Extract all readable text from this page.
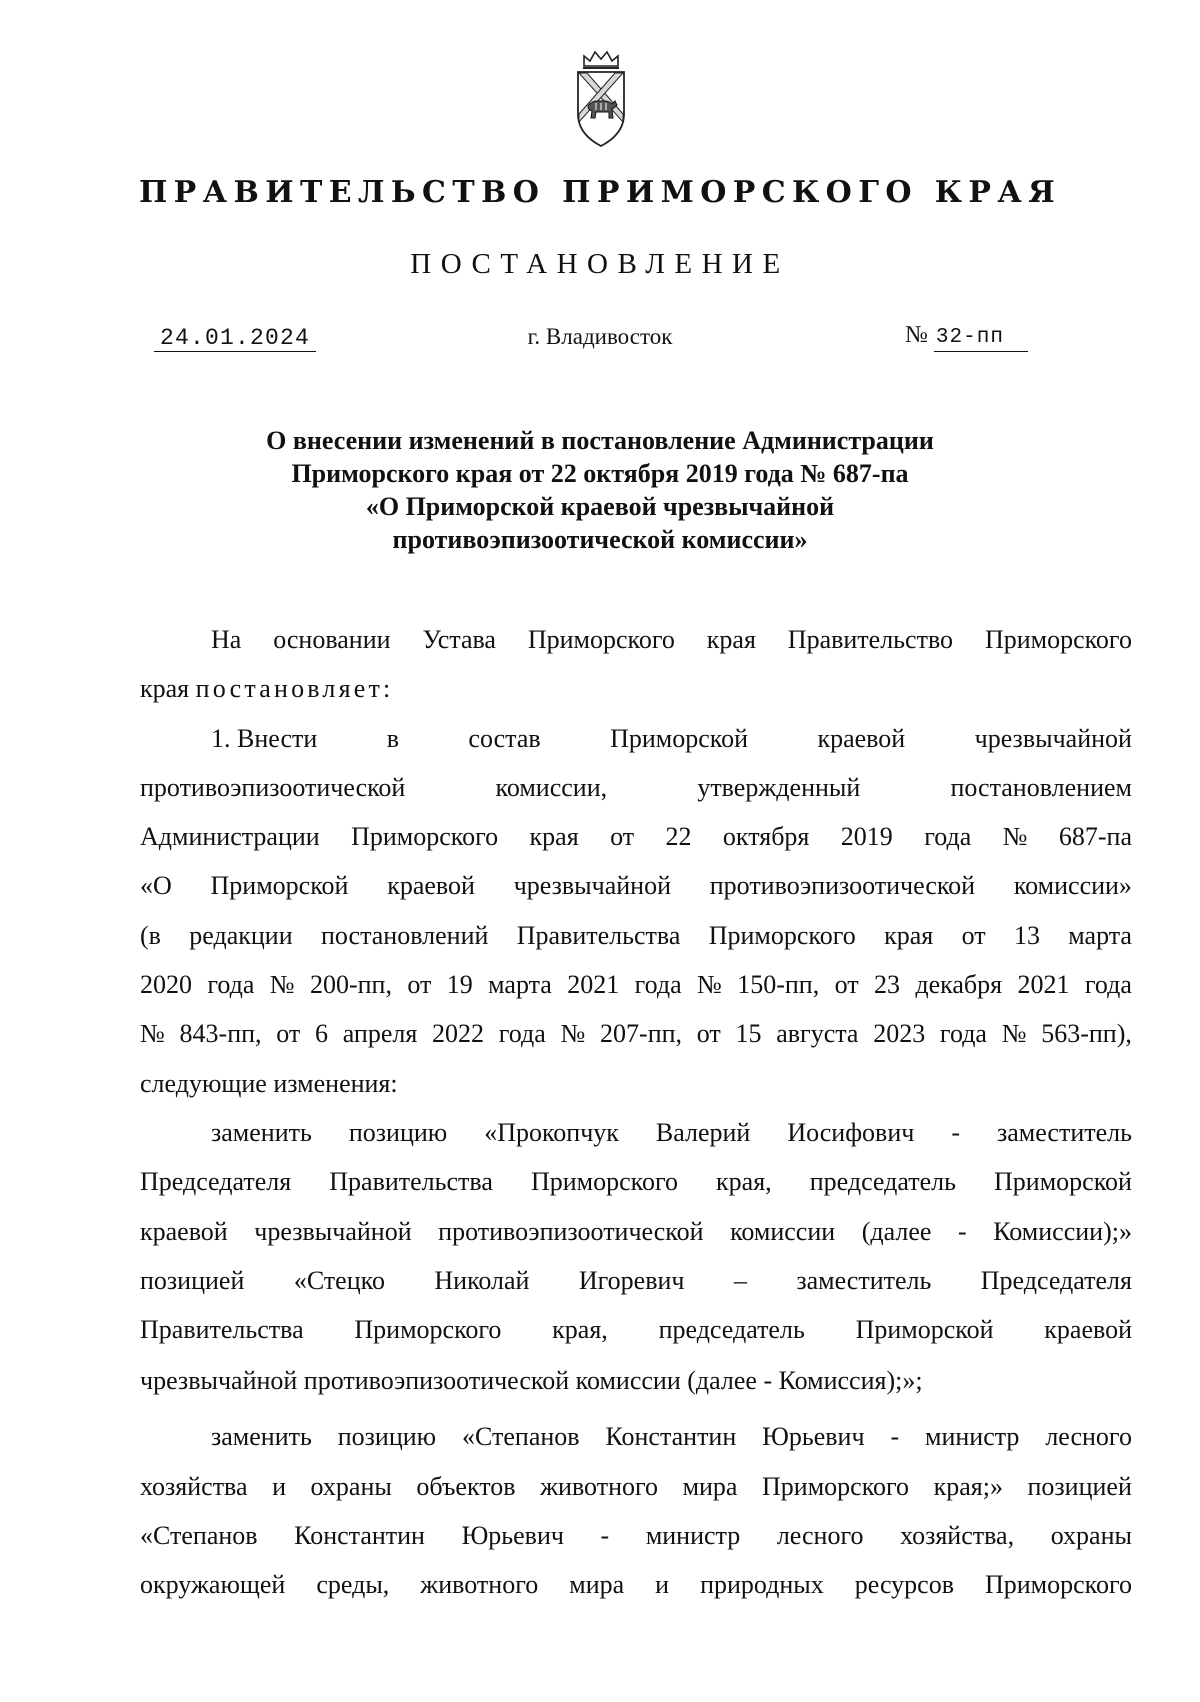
ПРАВИТЕЛЬСТВО ПРИМОРСКОГО КРАЯ
ПОСТАНОВЛЕНИЕ
24.01.2024	г. Владивосток	№ 32-пп
О внесении изменений в постановление Администрации
Приморского края от 22 октября 2019 года № 687-па
«О Приморской краевой чрезвычайной
противоэпизоотической комиссии»
На основании Устава Приморского края Правительство Приморского
края
постановляет:
1. Внести	в	состав	Приморской	краевой	чрезвычайной
противоэпизоотической	комиссии,	утвержденный	постановлением
Администрации Приморского края от 22 октября 2019 года № 687-па
«О Приморской краевой чрезвычайной противоэпизоотической комиссии»
(в редакции постановлений Правительства Приморского края от 13 марта
2020 года № 200-пп, от 19 марта 2021 года № 150-пп, от 23 декабря 2021 года
№ 843-пп, от 6 апреля 2022 года № 207-пп, от 15 августа 2023 года № 563-пп),
следующие изменения:
заменить позицию «Прокопчук Валерий Иосифович - заместитель
Председателя Правительства Приморского края, председатель Приморской
краевой чрезвычайной противоэпизоотической комиссии (далее - Комиссии);»
позицией «Стецко Николай Игоревич – заместитель Председателя
Правительства Приморского края, председатель Приморской краевой
чрезвычайной противоэпизоотической комиссии (далее - Комиссия);»;
заменить позицию «Степанов Константин Юрьевич - министр лесного
хозяйства и охраны объектов животного мира Приморского края;» позицией
«Степанов Константин Юрьевич - министр лесного хозяйства, охраны
окружающей среды, животного мира и природных ресурсов Приморского
